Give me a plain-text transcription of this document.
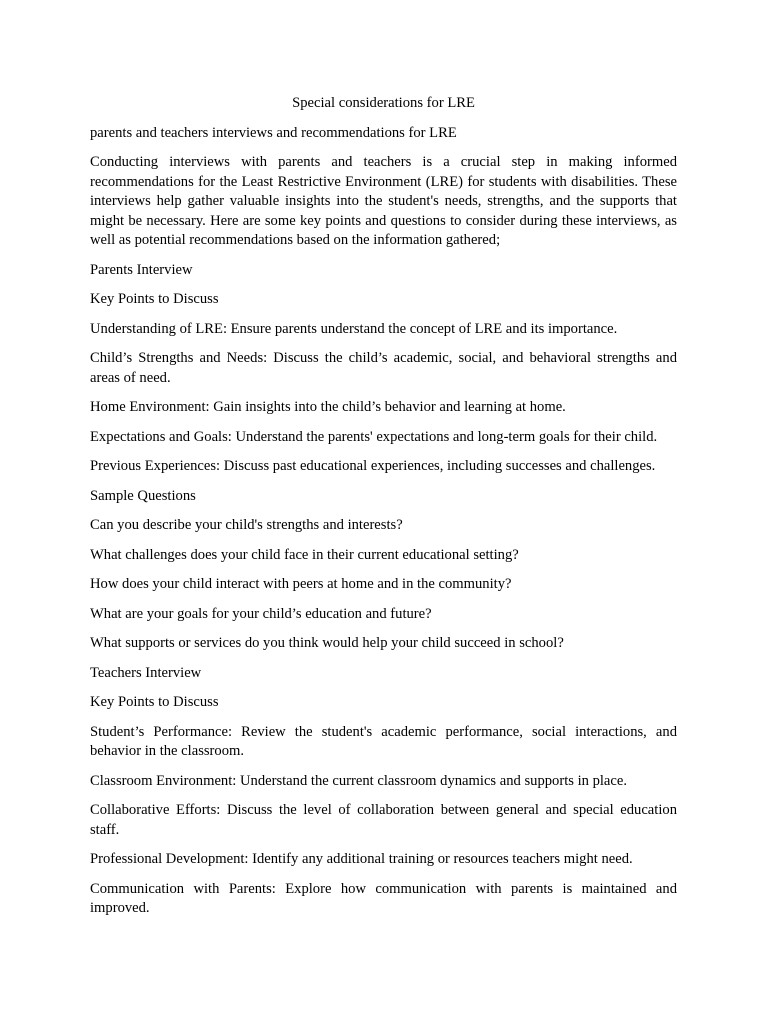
Special considerations for LRE
parents and teachers interviews and recommendations for LRE
Conducting interviews with parents and teachers is a crucial step in making informed recommendations for the Least Restrictive Environment (LRE) for students with disabilities. These interviews help gather valuable insights into the student's needs, strengths, and the supports that might be necessary. Here are some key points and questions to consider during these interviews, as well as potential recommendations based on the information gathered;
Parents Interview
Key Points to Discuss
Understanding of LRE: Ensure parents understand the concept of LRE and its importance.
Child’s Strengths and Needs: Discuss the child’s academic, social, and behavioral strengths and areas of need.
Home Environment: Gain insights into the child’s behavior and learning at home.
Expectations and Goals: Understand the parents' expectations and long-term goals for their child.
Previous Experiences: Discuss past educational experiences, including successes and challenges.
Sample Questions
Can you describe your child's strengths and interests?
What challenges does your child face in their current educational setting?
How does your child interact with peers at home and in the community?
What are your goals for your child’s education and future?
What supports or services do you think would help your child succeed in school?
Teachers Interview
Key Points to Discuss
Student’s Performance: Review the student's academic performance, social interactions, and behavior in the classroom.
Classroom Environment: Understand the current classroom dynamics and supports in place.
Collaborative Efforts: Discuss the level of collaboration between general and special education staff.
Professional Development: Identify any additional training or resources teachers might need.
Communication with Parents: Explore how communication with parents is maintained and improved.
